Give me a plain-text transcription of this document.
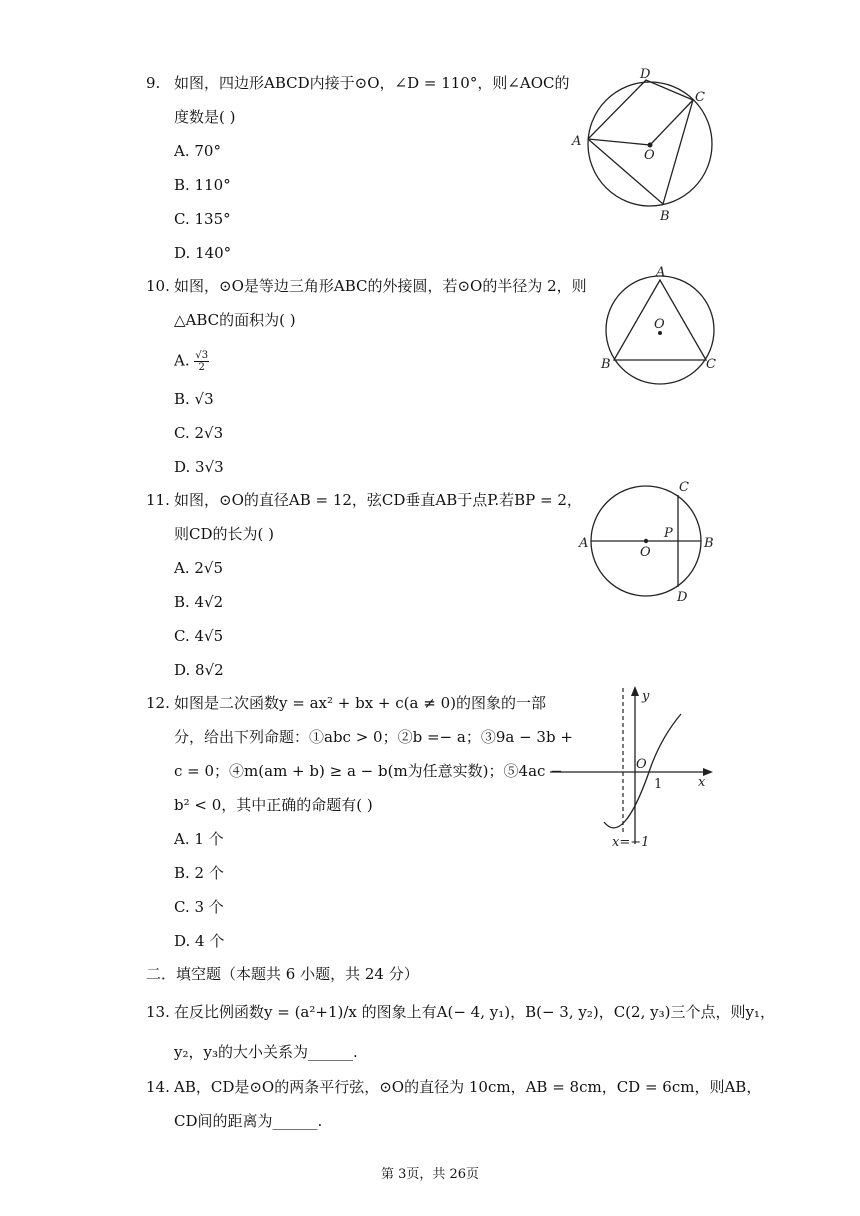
9. 如图，四边形ABCD内接于⊙O，∠D = 110°，则∠AOC的
度数是( )
A. 70°
B. 110°
C. 135°
D. 140°
D
C
A
O
B
10. 如图，⊙O是等边三角形ABC的外接圆，若⊙O的半径为 2，则
△ABC的面积为( )
A. $\frac{√3}{2}$
B. √3
C. 2√3
D. 3√3
A
O
B	C
11. 如图，⊙O的直径AB = 12，弦CD垂直AB于点P.若BP = 2，
则CD的长为( )
A. 2√5
B. 4√2
C. 4√5
D. 8√2
C
P
A
O
B
D
12. 如图是二次函数y = ax² + bx + c(a ≠ 0)的图象的一部
分，给出下列命题：①abc > 0；②b =− a；③9a − 3b +
c = 0；④m(am + b) ≥ a − b(m为任意实数)；⑤4ac −
b² < 0，其中正确的命题有( )
A. 1 个
B. 2 个
C. 3 个
D. 4 个
y
x
O
1
x=−1
二．填空题（本题共 6 小题，共 24 分）
13. 在反比例函数y = (a²+1)/x 的图象上有A(− 4, y₁)，B(− 3, y₂)，C(2, y₃)三个点，则y₁，
y₂，y₃的大小关系为______.
14. AB，CD是⊙O的两条平行弦，⊙O的直径为 10cm，AB = 8cm，CD = 6cm，则AB，
CD间的距离为______.
第 3页，共 26页
